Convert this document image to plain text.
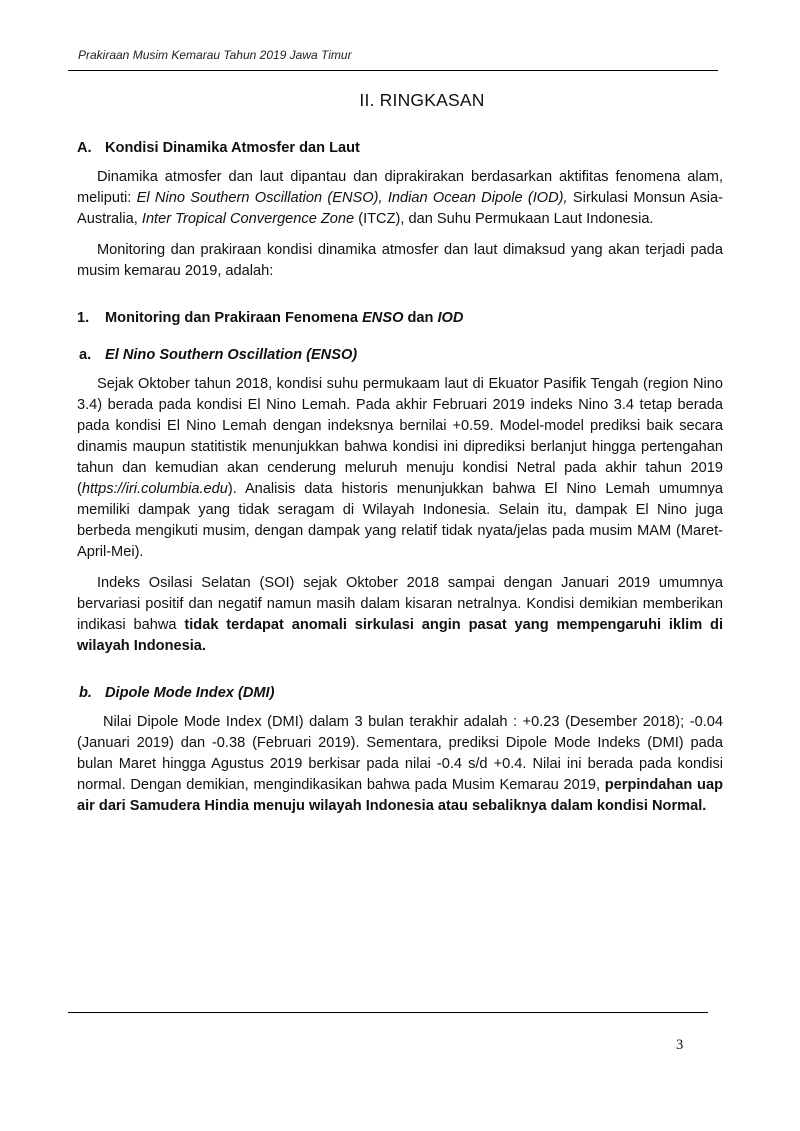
Prakiraan Musim Kemarau Tahun 2019 Jawa Timur
II. RINGKASAN
A. Kondisi Dinamika Atmosfer dan Laut

Dinamika atmosfer dan laut dipantau dan diprakirakan berdasarkan aktifitas fenomena alam, meliputi: El Nino Southern Oscillation (ENSO), Indian Ocean Dipole (IOD), Sirkulasi Monsun Asia-Australia, Inter Tropical Convergence Zone (ITCZ), dan Suhu Permukaan Laut Indonesia.

Monitoring dan prakiraan kondisi dinamika atmosfer dan laut dimaksud yang akan terjadi pada musim kemarau 2019, adalah:

1. Monitoring dan Prakiraan Fenomena ENSO dan IOD
a. El Nino Southern Oscillation (ENSO)

Sejak Oktober tahun 2018, kondisi suhu permukaam laut di Ekuator Pasifik Tengah (region Nino 3.4) berada pada kondisi El Nino Lemah. Pada akhir Februari 2019 indeks Nino 3.4 tetap berada pada kondisi El Nino Lemah dengan indeksnya bernilai +0.59. Model-model prediksi baik secara dinamis maupun statitistik menunjukkan bahwa kondisi ini diprediksi berlanjut hingga pertengahan tahun dan kemudian akan cenderung meluruh menuju kondisi Netral pada akhir tahun 2019 (https://iri.columbia.edu). Analisis data historis menunjukkan bahwa El Nino Lemah umumnya memiliki dampak yang tidak seragam di Wilayah Indonesia. Selain itu, dampak El Nino juga berbeda mengikuti musim, dengan dampak yang relatif tidak nyata/jelas pada musim MAM (Maret-April-Mei).

Indeks Osilasi Selatan (SOI) sejak Oktober 2018 sampai dengan Januari 2019 umumnya bervariasi positif dan negatif namun masih dalam kisaran netralnya. Kondisi demikian memberikan indikasi bahwa tidak terdapat anomali sirkulasi angin pasat yang mempengaruhi iklim di wilayah Indonesia.

b. Dipole Mode Index (DMI)

Nilai Dipole Mode Index (DMI) dalam 3 bulan terakhir adalah : +0.23 (Desember 2018); -0.04 (Januari 2019) dan -0.38 (Februari 2019). Sementara, prediksi Dipole Mode Indeks (DMI) pada bulan Maret hingga Agustus 2019 berkisar pada nilai -0.4 s/d +0.4. Nilai ini berada pada kondisi normal. Dengan demikian, mengindikasikan bahwa pada Musim Kemarau 2019, perpindahan uap air dari Samudera Hindia menuju wilayah Indonesia atau sebaliknya dalam kondisi Normal.

3
